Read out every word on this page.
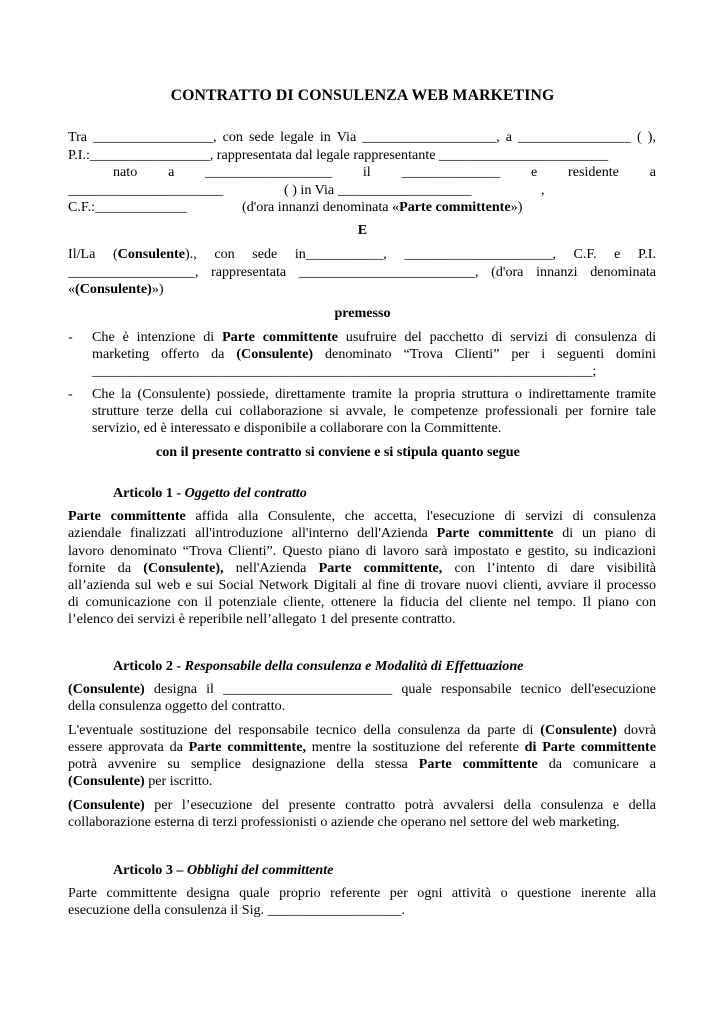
CONTRATTO DI CONSULENZA WEB MARKETING
Tra _________________, con sede legale in Via ___________________, a ________________ ( ),
P.I.:_________________, rappresentata dal legale rappresentante ________________________
nato a __________________ il ______________ e residente a
______________________	( ) in Via ___________________	,
C.F.:_____________	(d'ora innanzi denominata «Parte committente»)
E
Il/La (Consulente)., con sede in___________, _____________________, C.F. e P.I.
__________________, rappresentata _________________________, (d'ora innanzi denominata
«(Consulente)»)
premesso
- Che è intenzione di Parte committente usufruire del pacchetto di servizi di consulenza di
marketing offerto da (Consulente) denominato “Trova Clienti” per i seguenti domini
_______________________________________________________________________;
- Che la (Consulente) possiede, direttamente tramite la propria struttura o indirettamente tramite
strutture terze della cui collaborazione si avvale, le competenze professionali per fornire tale
servizio, ed è interessato e disponibile a collaborare con la Committente.
con il presente contratto si conviene e si stipula quanto segue
Articolo 1 - Oggetto del contratto
Parte committente affida alla Consulente, che accetta, l'esecuzione di servizi di consulenza
aziendale finalizzati all'introduzione all'interno dell'Azienda Parte committente di un piano di
lavoro denominato “Trova Clienti”. Questo piano di lavoro sarà impostato e gestito, su indicazioni
fornite da (Consulente), nell'Azienda Parte committente, con l’intento di dare visibilità
all’azienda sul web e sui Social Network Digitali al fine di trovare nuovi clienti, avviare il processo
di comunicazione con il potenziale cliente, ottenere la fiducia del cliente nel tempo. Il piano con
l’elenco dei servizi è reperibile nell’allegato 1 del presente contratto.
Articolo 2 - Responsabile della consulenza e Modalità di Effettuazione
(Consulente) designa il ________________________ quale responsabile tecnico dell'esecuzione
della consulenza oggetto del contratto.
L'eventuale sostituzione del responsabile tecnico della consulenza da parte di (Consulente) dovrà
essere approvata da Parte committente, mentre la sostituzione del referente di Parte committente
potrà avvenire su semplice designazione della stessa Parte committente da comunicare a
(Consulente) per iscritto.
(Consulente) per l’esecuzione del presente contratto potrà avvalersi della consulenza e della
collaborazione esterna di terzi professionisti o aziende che operano nel settore del web marketing.
Articolo 3 – Obblighi del committente
Parte committente designa quale proprio referente per ogni attività o questione inerente alla
esecuzione della consulenza il Sig. ___________________.
